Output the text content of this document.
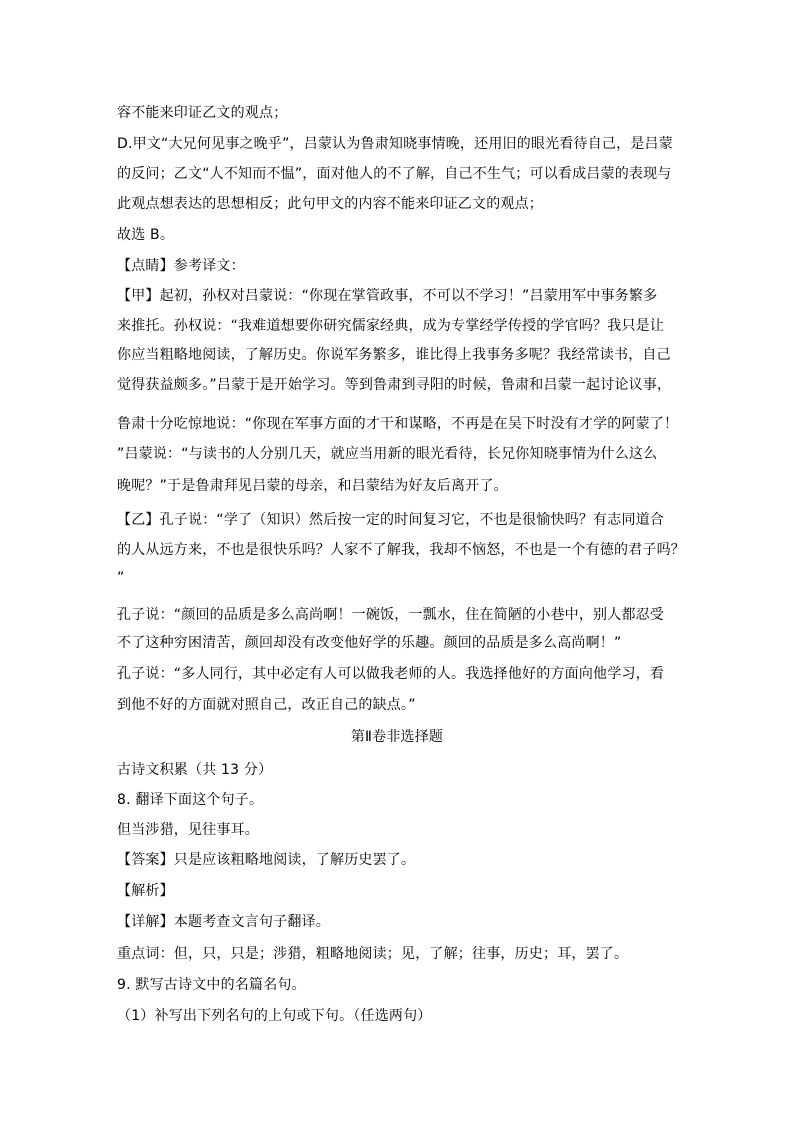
容不能来印证乙文的观点；
D.甲文“大兄何见事之晚乎”，吕蒙认为鲁肃知晓事情晚，还用旧的眼光看待自己，是吕蒙
的反问；乙文“人不知而不愠”，面对他人的不了解，自己不生气；可以看成吕蒙的表现与
此观点想表达的思想相反；此句甲文的内容不能来印证乙文的观点；
故选 B。
【点睛】参考译文：
【甲】起初，孙权对吕蒙说：“你现在掌管政事，不可以不学习！”吕蒙用军中事务繁多
来推托。孙权说：“我难道想要你研究儒家经典，成为专掌经学传授的学官吗？我只是让
你应当粗略地阅读，了解历史。你说军务繁多，谁比得上我事务多呢？我经常读书，自己
觉得获益颇多。”吕蒙于是开始学习。等到鲁肃到寻阳的时候，鲁肃和吕蒙一起讨论议事，
鲁肃十分吃惊地说：“你现在军事方面的才干和谋略，不再是在吴下时没有才学的阿蒙了！
”吕蒙说：“与读书的人分别几天，就应当用新的眼光看待，长兄你知晓事情为什么这么
晚呢？”于是鲁肃拜见吕蒙的母亲，和吕蒙结为好友后离开了。
【乙】孔子说：“学了（知识）然后按一定的时间复习它，不也是很愉快吗？有志同道合
的人从远方来，不也是很快乐吗？人家不了解我，我却不恼怒，不也是一个有德的君子吗？
”
孔子说：“颜回的品质是多么高尚啊！一碗饭，一瓢水，住在简陋的小巷中，别人都忍受
不了这种穷困清苦，颜回却没有改变他好学的乐趣。颜回的品质是多么高尚啊！”
孔子说：“多人同行，其中必定有人可以做我老师的人。我选择他好的方面向他学习，看
到他不好的方面就对照自己，改正自己的缺点。”
第Ⅱ卷非选择题
古诗文积累（共 13 分）
8. 翻译下面这个句子。
但当涉猎，见往事耳。
【答案】只是应该粗略地阅读，了解历史罢了。
【解析】
【详解】本题考查文言句子翻译。
重点词：但，只，只是；涉猎，粗略地阅读；见，了解；往事，历史；耳，罢了。
9. 默写古诗文中的名篇名句。
（1）补写出下列名句的上句或下句。（任选两句）
